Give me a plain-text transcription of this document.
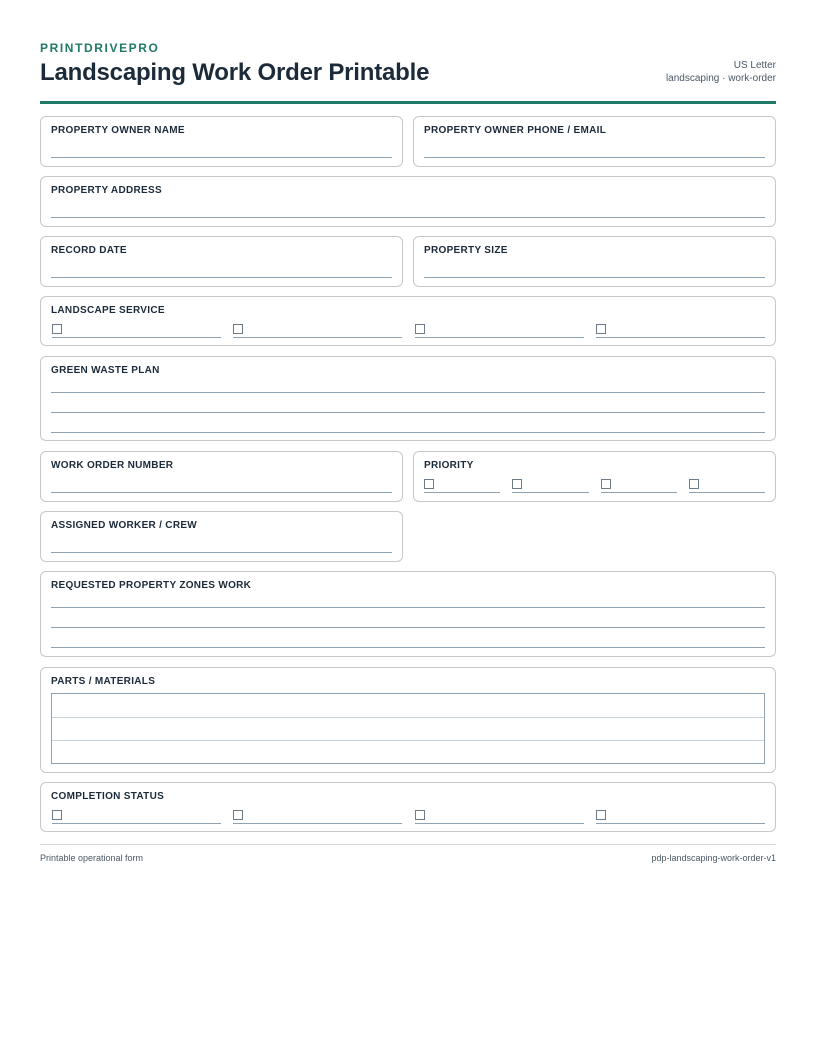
PRINTDRIVEPRO
Landscaping Work Order Printable	US Letter
landscaping · work-order
PROPERTY OWNER NAME	PROPERTY OWNER PHONE / EMAIL
PROPERTY ADDRESS
RECORD DATE	PROPERTY SIZE
LANDSCAPE SERVICE
GREEN WASTE PLAN
WORK ORDER NUMBER	PRIORITY
ASSIGNED WORKER / CREW
REQUESTED PROPERTY ZONES WORK
PARTS / MATERIALS
COMPLETION STATUS
Printable operational form	pdp-landscaping-work-order-v1
